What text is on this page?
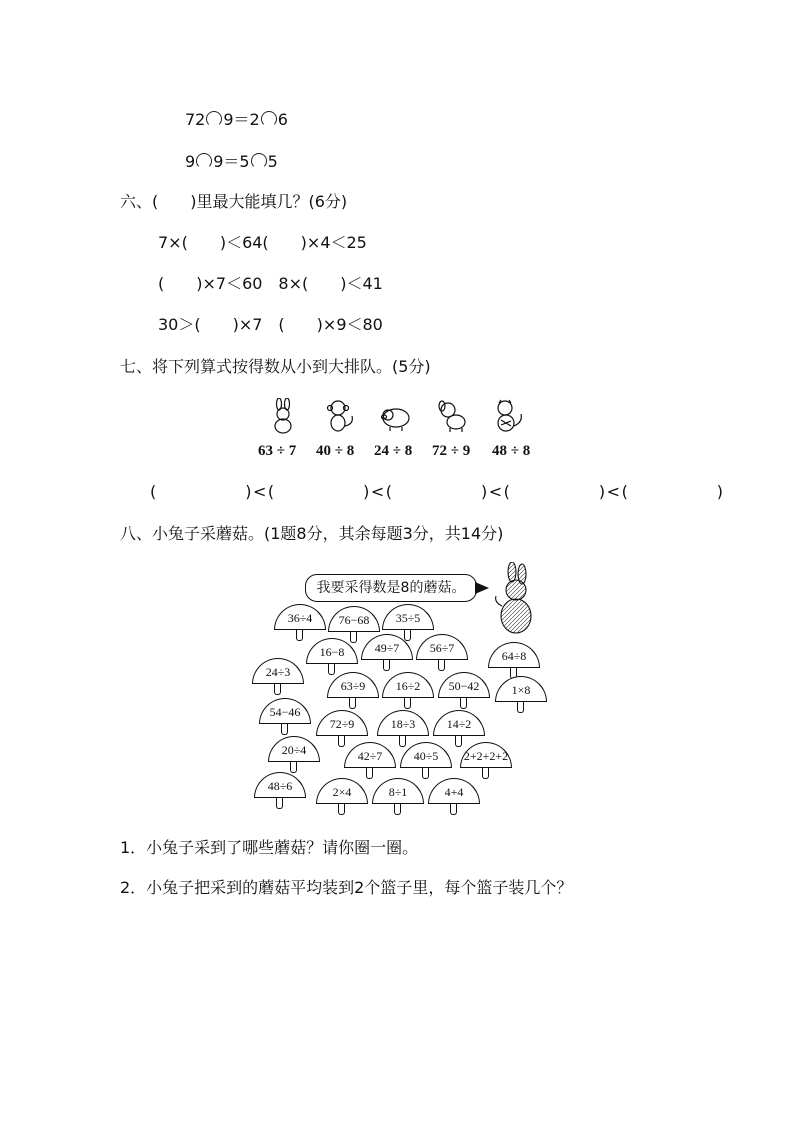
72 9＝2 6
9 9＝5 5
六、(　　)里最大能填几？(6分)
7×(　　)＜64(　　)×4＜25
(　　)×7＜60　8×(　　)＜41
30＞(　　)×7　(　　)×9＜80
七、将下列算式按得数从小到大排队。(5分)
63 ÷ 7 40 ÷ 8 24 ÷ 8 72 ÷ 9 48 ÷ 8
(　　　　　)<(　　　　　)<(　　　　　)<(　　　　　)<(　　　　　)
八、小兔子采蘑菇。(1题8分，其余每题3分，共14分)
我要采得数是8的蘑菇。
36÷4	76−68	35÷5
16−8	49÷7	56÷7
64÷8
24÷3
63÷9	16÷2	50−42	1×8
54−46
72÷9	18÷3	14÷2
20÷4	42÷7	40÷5	2+2+2+2
48÷6	2×4	8÷1	4+4
1．小兔子采到了哪些蘑菇？请你圈一圈。
2．小兔子把采到的蘑菇平均装到2个篮子里，每个篮子装几个？
